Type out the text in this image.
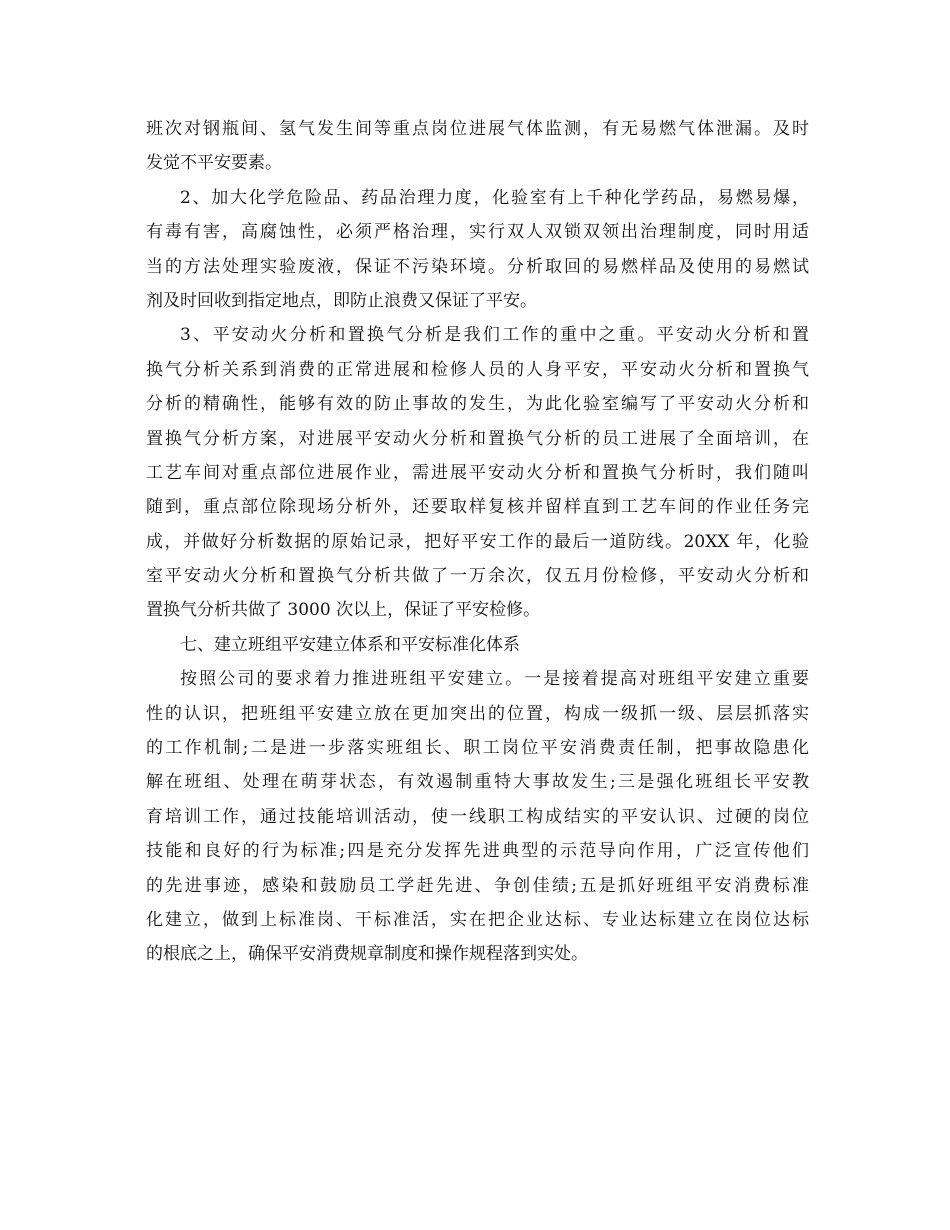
班次对钢瓶间、氢气发生间等重点岗位进展气体监测，有无易燃气体泄漏。及时
发觉不平安要素。
2、加大化学危险品、药品治理力度，化验室有上千种化学药品，易燃易爆，
有毒有害，高腐蚀性，必须严格治理，实行双人双锁双领出治理制度，同时用适
当的方法处理实验废液，保证不污染环境。分析取回的易燃样品及使用的易燃试
剂及时回收到指定地点，即防止浪费又保证了平安。
3、平安动火分析和置换气分析是我们工作的重中之重。平安动火分析和置
换气分析关系到消费的正常进展和检修人员的人身平安，平安动火分析和置换气
分析的精确性，能够有效的防止事故的发生，为此化验室编写了平安动火分析和
置换气分析方案，对进展平安动火分析和置换气分析的员工进展了全面培训，在
工艺车间对重点部位进展作业，需进展平安动火分析和置换气分析时，我们随叫
随到，重点部位除现场分析外，还要取样复核并留样直到工艺车间的作业任务完
成，并做好分析数据的原始记录，把好平安工作的最后一道防线。20XX 年，化验
室平安动火分析和置换气分析共做了一万余次，仅五月份检修，平安动火分析和
置换气分析共做了 3000 次以上，保证了平安检修。
七、建立班组平安建立体系和平安标准化体系
按照公司的要求着力推进班组平安建立。一是接着提高对班组平安建立重要
性的认识，把班组平安建立放在更加突出的位置，构成一级抓一级、层层抓落实
的工作机制;二是进一步落实班组长、职工岗位平安消费责任制，把事故隐患化
解在班组、处理在萌芽状态，有效遏制重特大事故发生;三是强化班组长平安教
育培训工作，通过技能培训活动，使一线职工构成结实的平安认识、过硬的岗位
技能和良好的行为标准;四是充分发挥先进典型的示范导向作用，广泛宣传他们
的先进事迹，感染和鼓励员工学赶先进、争创佳绩;五是抓好班组平安消费标准
化建立，做到上标准岗、干标准活，实在把企业达标、专业达标建立在岗位达标
的根底之上，确保平安消费规章制度和操作规程落到实处。
